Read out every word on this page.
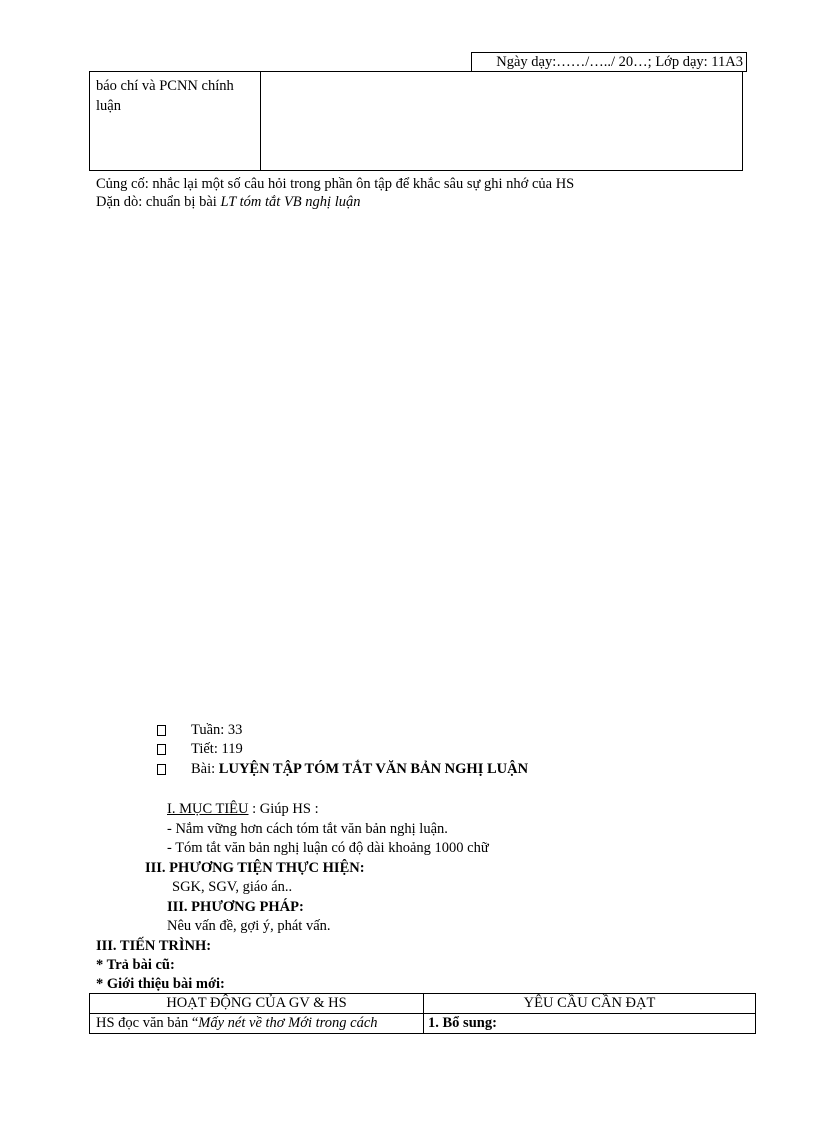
Ngày dạy:……/…../ 20…; Lớp dạy: 11A3
báo chí và PCNN chính
luận
Củng cố: nhắc lại một số câu hỏi trong phần ôn tập để khắc sâu sự ghi nhớ của HS
Dặn dò: chuẩn bị bài LT tóm tắt VB nghị luận
Tuần: 33
Tiết: 119
Bài: LUYỆN TẬP TÓM TẮT VĂN BẢN NGHỊ LUẬN
I. MỤC TIÊU : Giúp HS :
- Nắm vững hơn cách tóm tắt văn bản nghị luận.
- Tóm tắt văn bản nghị luận có độ dài khoảng 1000 chữ
III. PHƯƠNG TIỆN THỰC HIỆN:
SGK, SGV, giáo án..
III. PHƯƠNG PHÁP:
Nêu vấn đề, gợi ý, phát vấn.
III. TIẾN TRÌNH:
* Trả bài cũ:
* Giới thiệu bài mới:
HOẠT ĐỘNG CỦA GV & HS	YÊU CẦU CẦN ĐẠT
HS đọc văn bản “Mấy nét về thơ Mới trong cách	1. Bổ sung:
